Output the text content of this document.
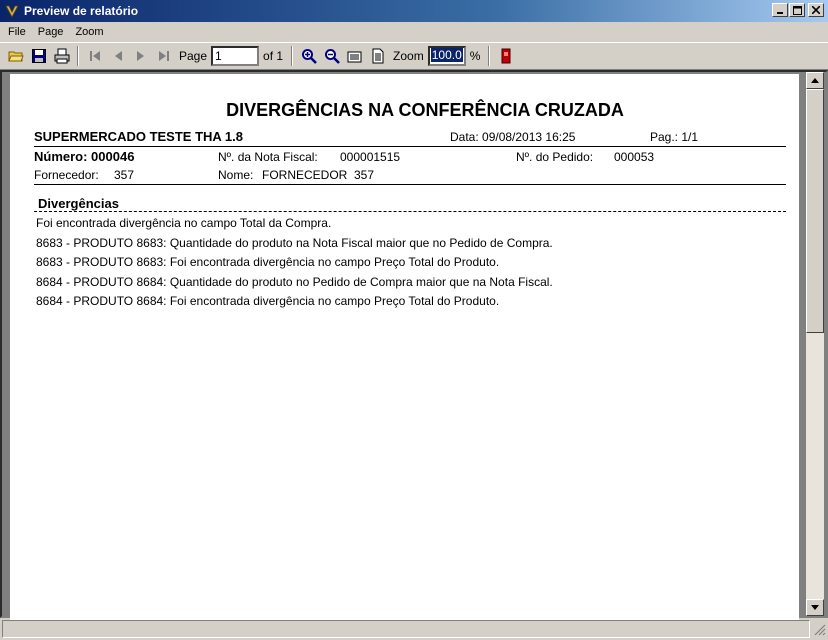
Preview de relatório
File	Page	Zoom
Page
1	of 1	Zoom 100.0 %
DIVERGÊNCIAS NA CONFERÊNCIA CRUZADA
SUPERMERCADO TESTE THA 1.8	Data: 09/08/2013 16:25	Pag.: 1/1
Número: 000046	Nº. da Nota Fiscal: 000001515	Nº. do Pedido: 000053
Fornecedor: 357	Nome: FORNECEDOR  357
Divergências
Foi encontrada divergência no campo Total da Compra.
8683 - PRODUTO 8683: Quantidade do produto na Nota Fiscal maior que no Pedido de Compra.
8683 - PRODUTO 8683: Foi encontrada divergência no campo Preço Total do Produto.
8684 - PRODUTO 8684: Quantidade do produto no Pedido de Compra maior que na Nota Fiscal.
8684 - PRODUTO 8684: Foi encontrada divergência no campo Preço Total do Produto.
